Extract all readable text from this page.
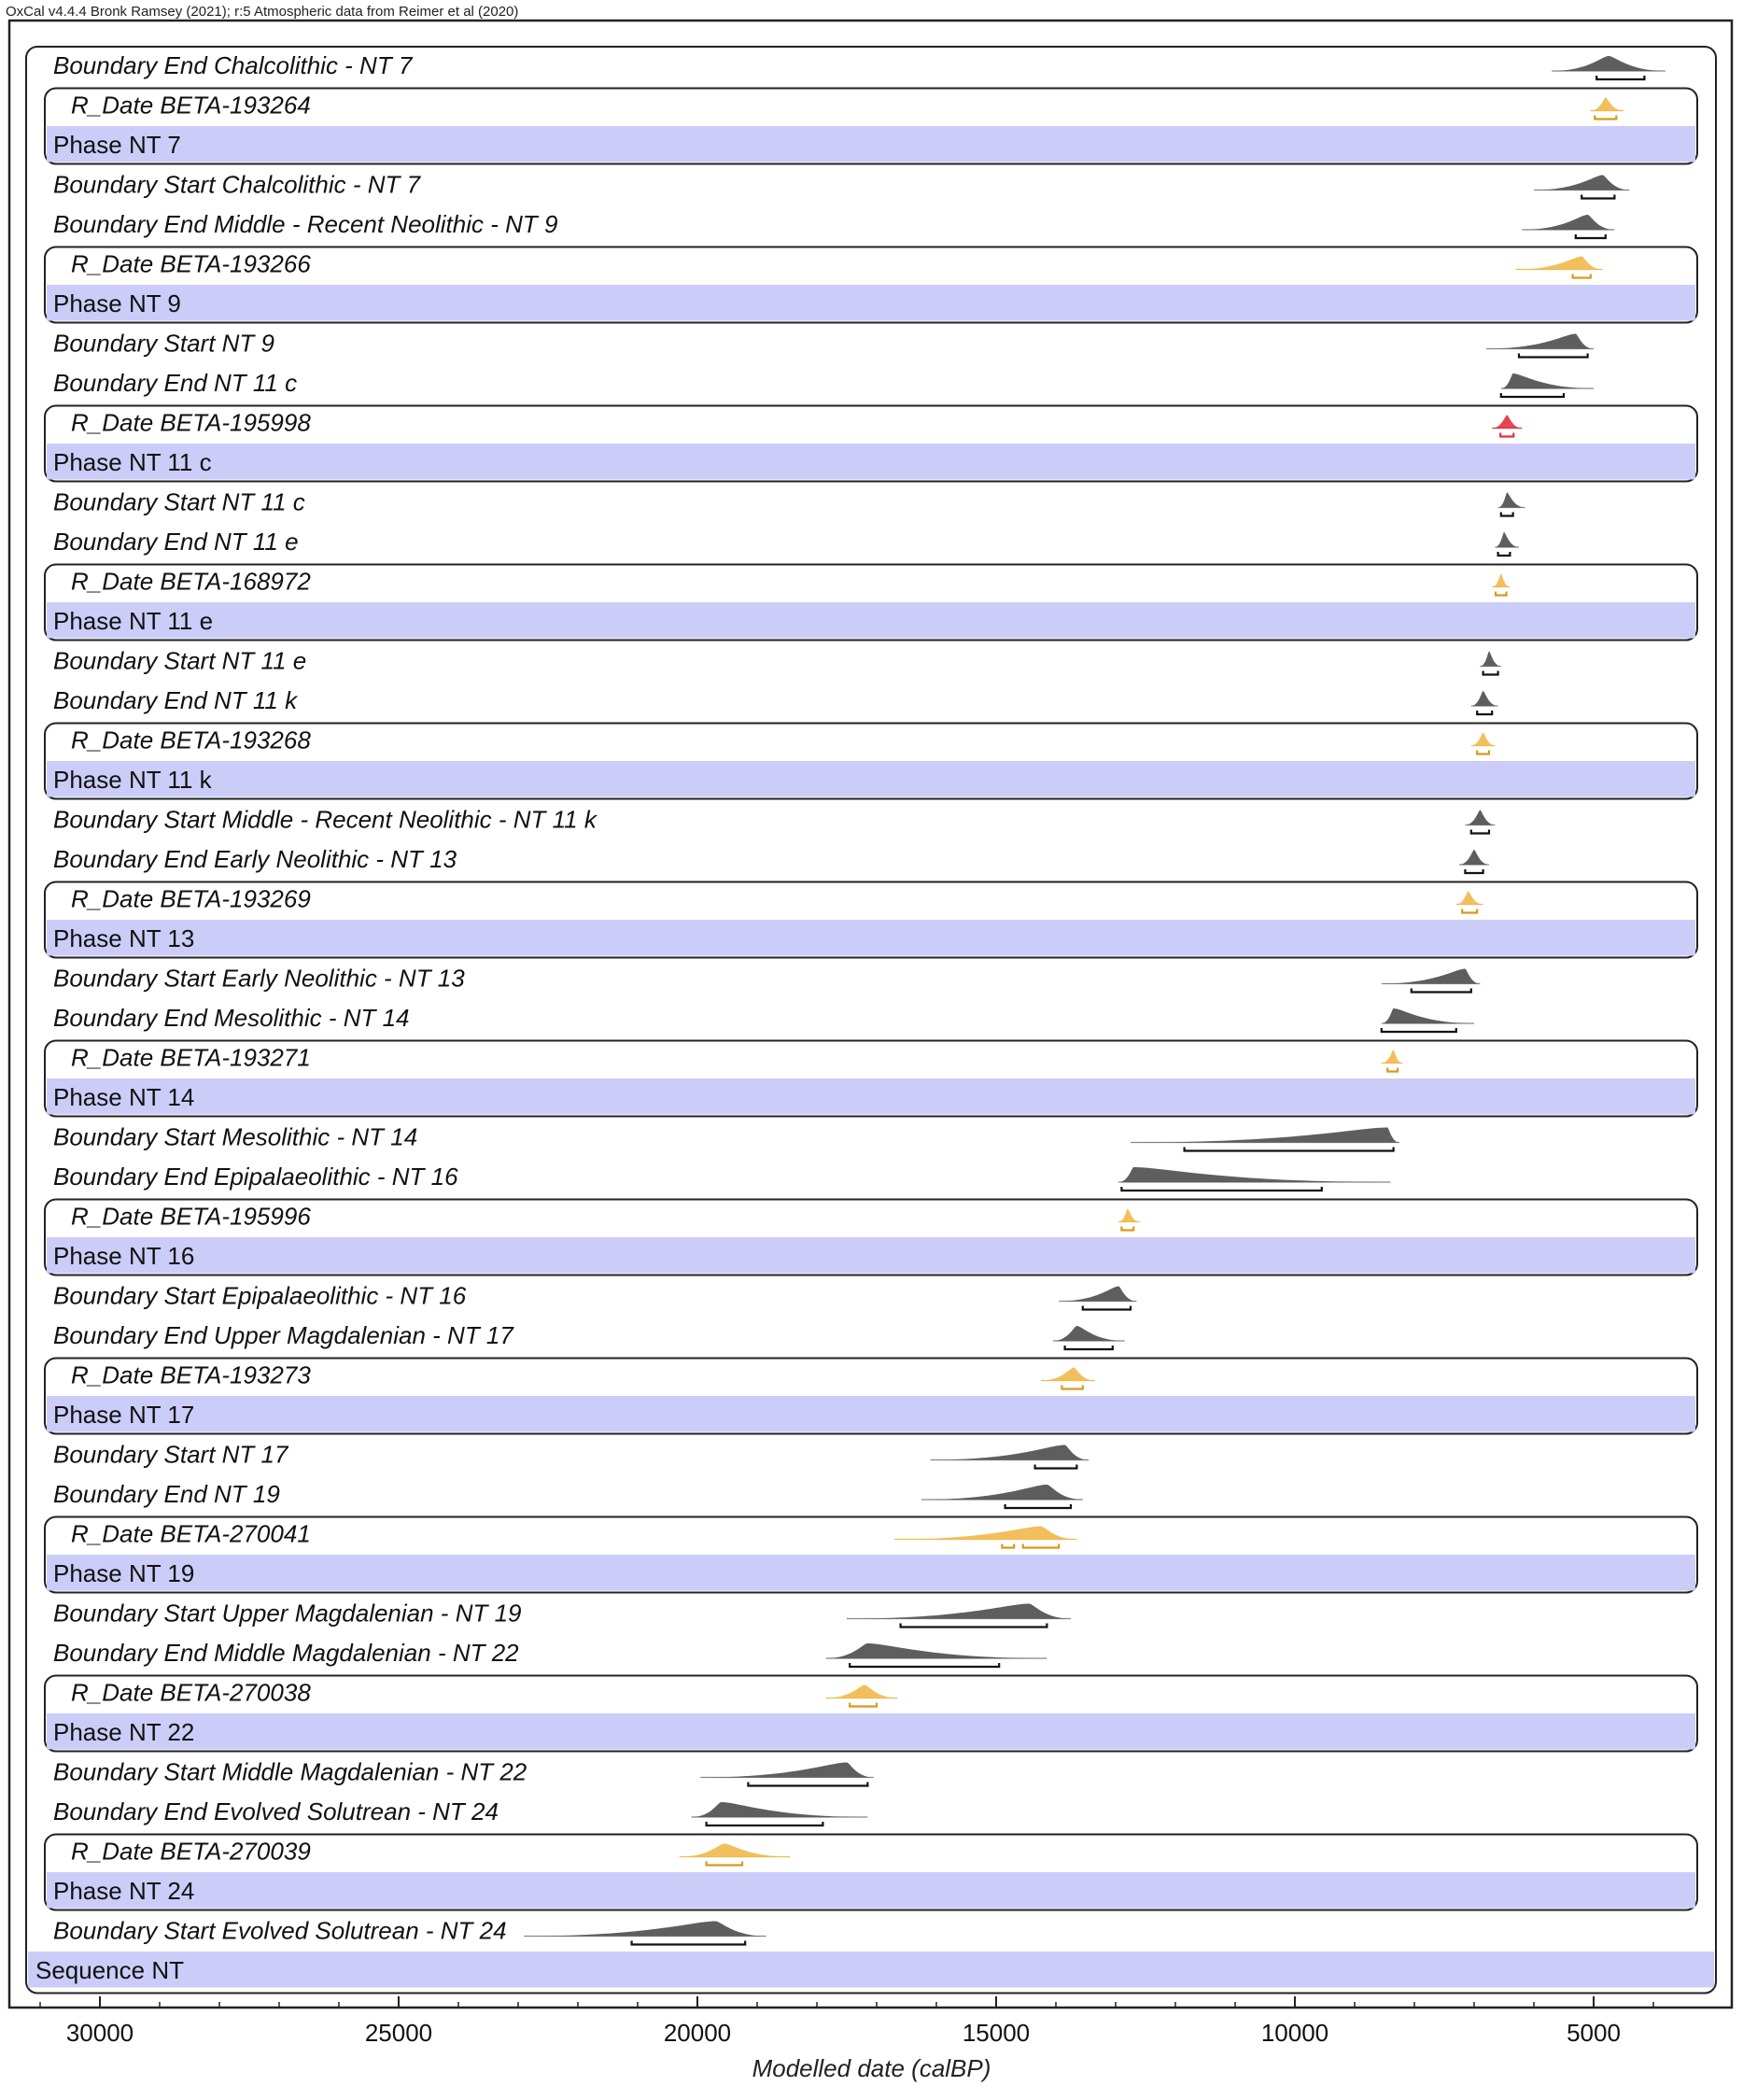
OxCal v4.4.4 Bronk Ramsey (2021); r:5 Atmospheric data from Reimer et al (2020)
Sequence NT
Boundary End Chalcolithic - NT 7
R_Date BETA-193264
Phase NT 7
Boundary Start Chalcolithic - NT 7
Boundary End Middle - Recent Neolithic - NT 9
R_Date BETA-193266
Phase NT 9
Boundary Start NT 9
Boundary End NT 11 c
R_Date BETA-195998
Phase NT 11 c
Boundary Start NT 11 c
Boundary End NT 11 e
R_Date BETA-168972
Phase NT 11 e
Boundary Start NT 11 e
Boundary End NT 11 k
R_Date BETA-193268
Phase NT 11 k
Boundary Start Middle - Recent Neolithic - NT 11 k
Boundary End Early Neolithic - NT 13
R_Date BETA-193269
Phase NT 13
Boundary Start Early Neolithic - NT 13
Boundary End Mesolithic - NT 14
R_Date BETA-193271
Phase NT 14
Boundary Start Mesolithic - NT 14
Boundary End Epipalaeolithic - NT 16
R_Date BETA-195996
Phase NT 16
Boundary Start Epipalaeolithic - NT 16
Boundary End Upper Magdalenian - NT 17
R_Date BETA-193273
Phase NT 17
Boundary Start NT 17
Boundary End NT 19
R_Date BETA-270041
Phase NT 19
Boundary Start Upper Magdalenian - NT 19
Boundary End Middle Magdalenian - NT 22
R_Date BETA-270038
Phase NT 22
Boundary Start Middle Magdalenian - NT 22
Boundary End Evolved Solutrean - NT 24
R_Date BETA-270039
Phase NT 24
Boundary Start Evolved Solutrean - NT 24
30000	25000	20000	15000	10000	5000
Modelled date (calBP)
